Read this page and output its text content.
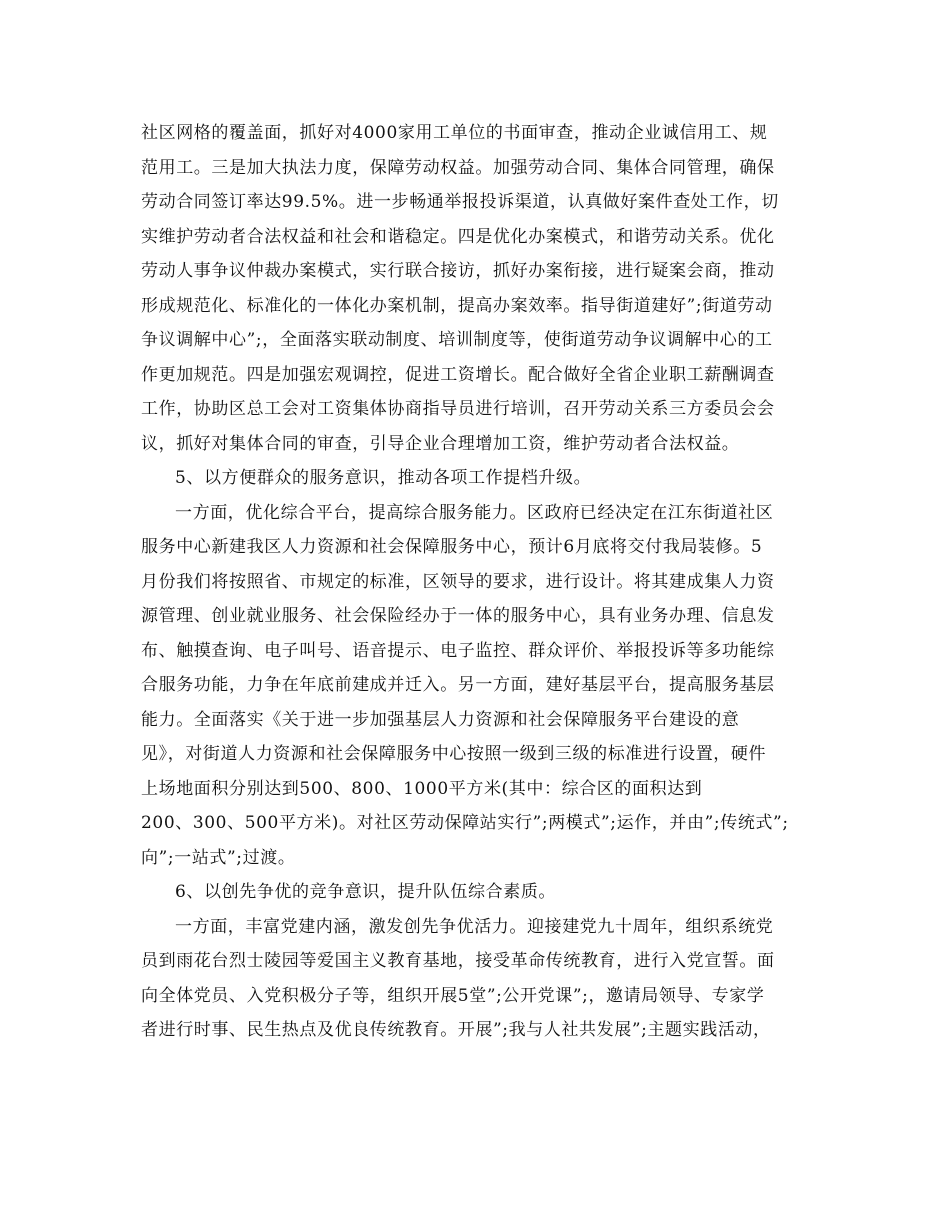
社区网格的覆盖面，抓好对4000家用工单位的书面审查，推动企业诚信用工、规
范用工。三是加大执法力度，保障劳动权益。加强劳动合同、集体合同管理，确保
劳动合同签订率达99.5%。进一步畅通举报投诉渠道，认真做好案件查处工作，切
实维护劳动者合法权益和社会和谐稳定。四是优化办案模式，和谐劳动关系。优化
劳动人事争议仲裁办案模式，实行联合接访，抓好办案衔接，进行疑案会商，推动
形成规范化、标准化的一体化办案机制，提高办案效率。指导街道建好”;街道劳动
争议调解中心”;，全面落实联动制度、培训制度等，使街道劳动争议调解中心的工
作更加规范。四是加强宏观调控，促进工资增长。配合做好全省企业职工薪酬调查
工作，协助区总工会对工资集体协商指导员进行培训，召开劳动关系三方委员会会
议，抓好对集体合同的审查，引导企业合理增加工资，维护劳动者合法权益。
5、以方便群众的服务意识，推动各项工作提档升级。
一方面，优化综合平台，提高综合服务能力。区政府已经决定在江东街道社区
服务中心新建我区人力资源和社会保障服务中心，预计6月底将交付我局装修。5
月份我们将按照省、市规定的标准，区领导的要求，进行设计。将其建成集人力资
源管理、创业就业服务、社会保险经办于一体的服务中心，具有业务办理、信息发
布、触摸查询、电子叫号、语音提示、电子监控、群众评价、举报投诉等多功能综
合服务功能，力争在年底前建成并迁入。另一方面，建好基层平台，提高服务基层
能力。全面落实《关于进一步加强基层人力资源和社会保障服务平台建设的意
见》，对街道人力资源和社会保障服务中心按照一级到三级的标准进行设置，硬件
上场地面积分别达到500、800、1000平方米(其中：综合区的面积达到
200、300、500平方米)。对社区劳动保障站实行”;两模式”;运作，并由”;传统式”;
向”;一站式”;过渡。
6、以创先争优的竞争意识，提升队伍综合素质。
一方面，丰富党建内涵，激发创先争优活力。迎接建党九十周年，组织系统党
员到雨花台烈士陵园等爱国主义教育基地，接受革命传统教育，进行入党宣誓。面
向全体党员、入党积极分子等，组织开展5堂”;公开党课”;，邀请局领导、专家学
者进行时事、民生热点及优良传统教育。开展”;我与人社共发展”;主题实践活动，
